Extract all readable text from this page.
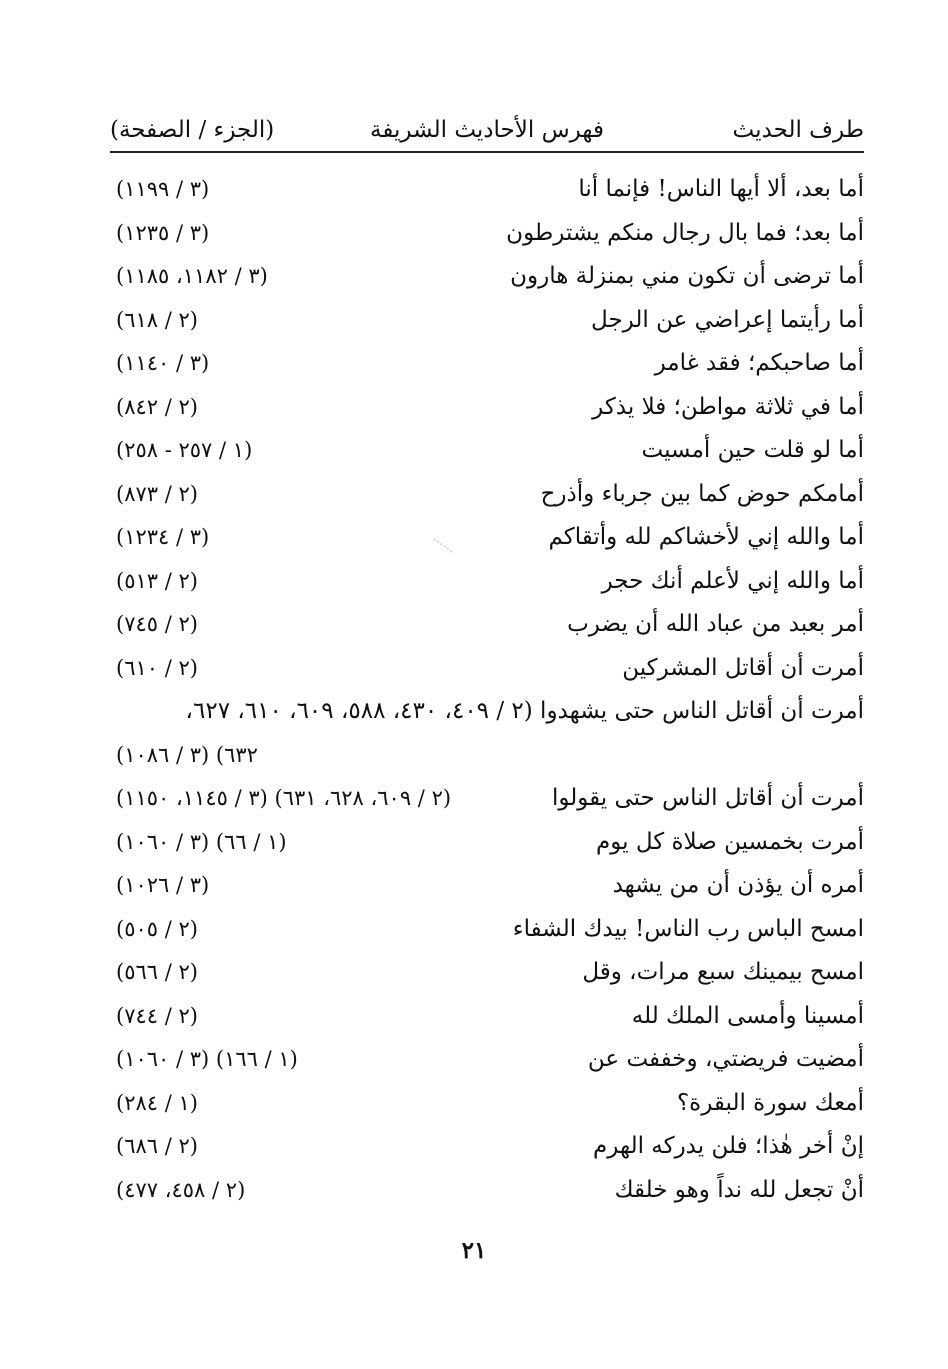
طرف الحديث
فهرس الأحاديث الشريفة
(الجزء / الصفحة)
أما بعد، ألا أيها الناس! فإنما أنا
(٣ / ١١٩٩)
أما بعد؛ فما بال رجال منكم يشترطون
(٣ / ١٢٣٥)
أما ترضى أن تكون مني بمنزلة هارون
(٣ / ١١٨٢، ١١٨٥)
أما رأيتما إعراضي عن الرجل
(٢ / ٦١٨)
أما صاحبكم؛ فقد غامر
(٣ / ١١٤٠)
أما في ثلاثة مواطن؛ فلا يذكر
(٢ / ٨٤٢)
أما لو قلت حين أمسيت
(١ / ٢٥٧ - ٢٥٨)
أمامكم حوض كما بين جرباء وأذرح
(٢ / ٨٧٣)
أما والله إني لأخشاكم لله وأتقاكم
(٣ / ١٢٣٤)
أما والله إني لأعلم أنك حجر
(٢ / ٥١٣)
أمر بعبد من عباد الله أن يضرب
(٢ / ٧٤٥)
أمرت أن أقاتل المشركين
(٢ / ٦١٠)
أمرت أن أقاتل الناس حتى يشهدوا (٢ / ٤٠٩، ٤٣٠، ٥٨٨، ٦٠٩، ٦١٠، ٦٢٧،
٦٣٢) (٣ / ١٠٨٦)
أمرت أن أقاتل الناس حتى يقولوا
(٢ / ٦٠٩، ٦٢٨، ٦٣١) (٣ / ١١٤٥، ١١٥٠)
أمرت بخمسين صلاة كل يوم
(١ / ٦٦) (٣ / ١٠٦٠)
أمره أن يؤذن أن من يشهد
(٣ / ١٠٢٦)
امسح الباس رب الناس! بيدك الشفاء
(٢ / ٥٠٥)
امسح بيمينك سبع مرات، وقل
(٢ / ٥٦٦)
أمسينا وأمسى الملك لله
(٢ / ٧٤٤)
أمضيت فريضتي، وخففت عن
(١ / ١٦٦) (٣ / ١٠٦٠)
أمعك سورة البقرة؟
(١ / ٢٨٤)
إنْ أخر هٰذا؛ فلن يدركه الهرم
(٢ / ٦٨٦)
أنْ تجعل لله نداً وهو خلقك
(٢ / ٤٥٨، ٤٧٧)
٢١
